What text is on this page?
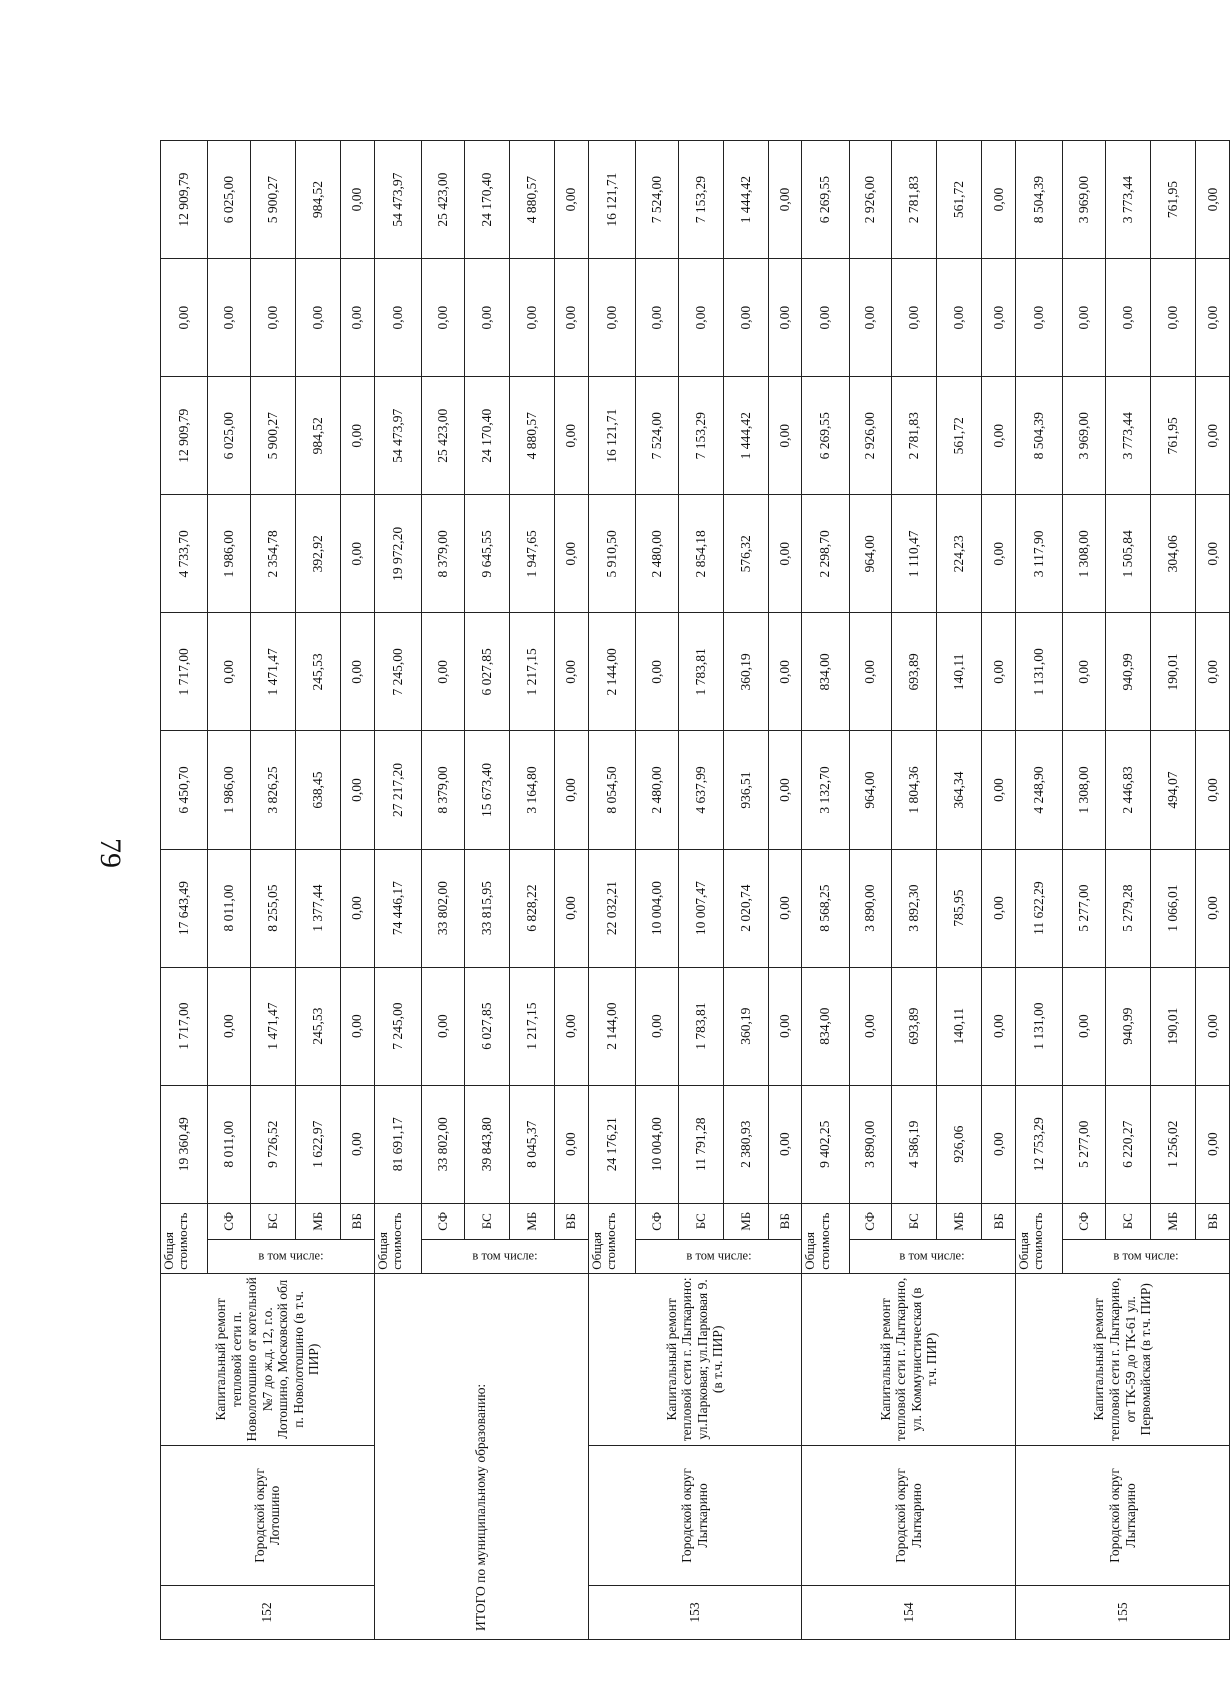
79
152	Городской округ Лотошино	Капитальный ремонт тепловой сети п. Новолотошино от котельной №7 до ж.д. 12, г.о. Лотошино, Московской обл п. Новолотошино (в т.ч. ПИР)	Общая стоимость		19 360,49	1 717,00	17 643,49	6 450,70	1 717,00	4 733,70	12 909,79	0,00	12 909,79

			в том числе:	СФ	8 011,00	0,00	8 011,00	1 986,00	0,00	1 986,00	6 025,00	0,00	6 025,00
				БС	9 726,52	1 471,47	8 255,05	3 826,25	1 471,47	2 354,78	5 900,27	0,00	5 900,27
				МБ	1 622,97	245,53	1 377,44	638,45	245,53	392,92	984,52	0,00	984,52
				ВБ	0,00	0,00	0,00	0,00	0,00	0,00	0,00	0,00	0,00
ИТОГО по муниципальному образованию:			Общая стоимость		81 691,17	7 245,00	74 446,17	27 217,20	7 245,00	19 972,20	54 473,97	0,00	54 473,97

			в том числе:	СФ	33 802,00	0,00	33 802,00	8 379,00	0,00	8 379,00	25 423,00	0,00	25 423,00
				БС	39 843,80	6 027,85	33 815,95	15 673,40	6 027,85	9 645,55	24 170,40	0,00	24 170,40
				МБ	8 045,37	1 217,15	6 828,22	3 164,80	1 217,15	1 947,65	4 880,57	0,00	4 880,57
				ВБ	0,00	0,00	0,00	0,00	0,00	0,00	0,00	0,00	0,00
153	Городской округ Лыткарино	Капитальный ремонт тепловой сети г. Лыткарино: ул.Парковая; ул.Парковая 9. (в т.ч. ПИР)	Общая стоимость		24 176,21	2 144,00	22 032,21	8 054,50	2 144,00	5 910,50	16 121,71	0,00	16 121,71

			в том числе:	СФ	10 004,00	0,00	10 004,00	2 480,00	0,00	2 480,00	7 524,00	0,00	7 524,00
				БС	11 791,28	1 783,81	10 007,47	4 637,99	1 783,81	2 854,18	7 153,29	0,00	7 153,29
				МБ	2 380,93	360,19	2 020,74	936,51	360,19	576,32	1 444,42	0,00	1 444,42
				ВБ	0,00	0,00	0,00	0,00	0,00	0,00	0,00	0,00	0,00
154	Городской округ Лыткарино	Капитальный ремонт тепловой сети г. Лыткарино, ул. Коммунистическая (в т.ч. ПИР)	Общая стоимость		9 402,25	834,00	8 568,25	3 132,70	834,00	2 298,70	6 269,55	0,00	6 269,55

			в том числе:	СФ	3 890,00	0,00	3 890,00	964,00	0,00	964,00	2 926,00	0,00	2 926,00
				БС	4 586,19	693,89	3 892,30	1 804,36	693,89	1 110,47	2 781,83	0,00	2 781,83
				МБ	926,06	140,11	785,95	364,34	140,11	224,23	561,72	0,00	561,72
				ВБ	0,00	0,00	0,00	0,00	0,00	0,00	0,00	0,00	0,00
155	Городской округ Лыткарино	Капитальный ремонт тепловой сети г. Лыткарино, от ТК-59 до ТК-61 ул. Первомайская (в т.ч. ПИР)	Общая стоимость		12 753,29	1 131,00	11 622,29	4 248,90	1 131,00	3 117,90	8 504,39	0,00	8 504,39

			в том числе:	СФ	5 277,00	0,00	5 277,00	1 308,00	0,00	1 308,00	3 969,00	0,00	3 969,00
				БС	6 220,27	940,99	5 279,28	2 446,83	940,99	1 505,84	3 773,44	0,00	3 773,44
				МБ	1 256,02	190,01	1 066,01	494,07	190,01	304,06	761,95	0,00	761,95
				ВБ	0,00	0,00	0,00	0,00	0,00	0,00	0,00	0,00	0,00
